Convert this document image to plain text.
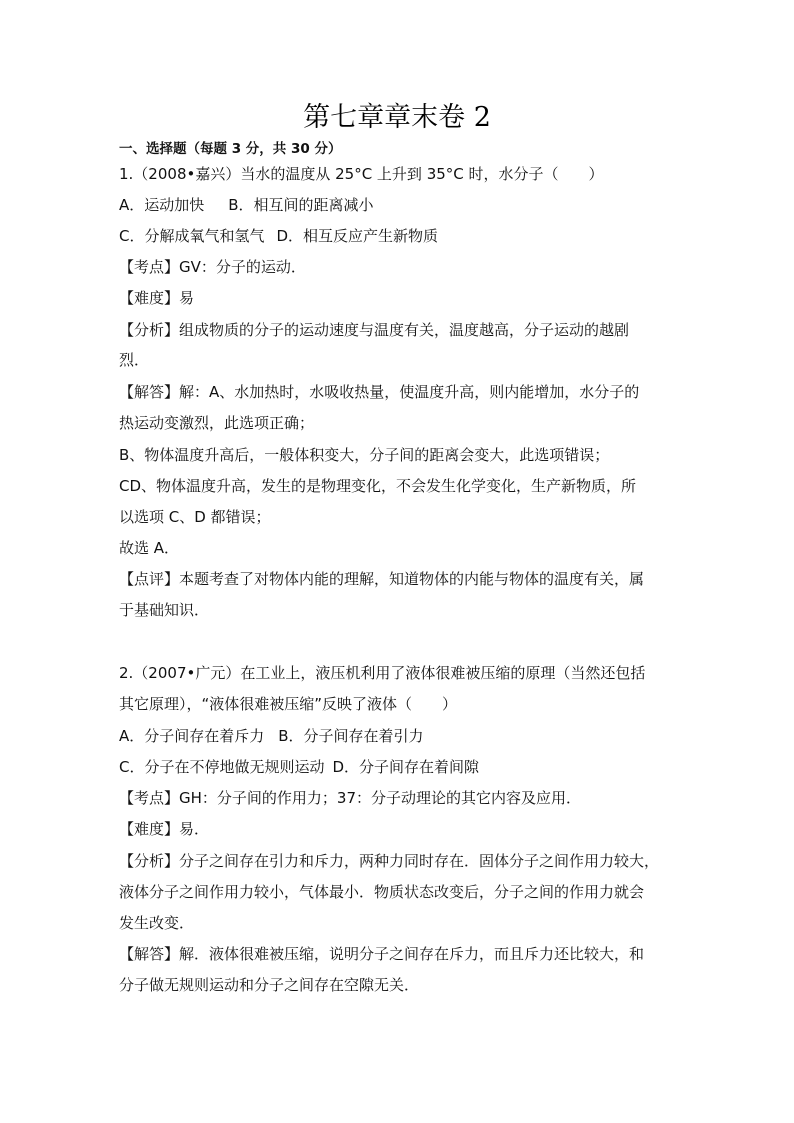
第七章章末卷 2
一、选择题（每题 3 分，共 30 分）
1.（2008•嘉兴）当水的温度从 25°C 上升到 35°C 时，水分子（　　）
A．运动加快 B．相互间的距离减小
C．分解成氧气和氢气 D．相互反应产生新物质
【考点】GV：分子的运动．
【难度】易
【分析】组成物质的分子的运动速度与温度有关，温度越高，分子运动的越剧
烈．
【解答】解：A、水加热时，水吸收热量，使温度升高，则内能增加，水分子的
热运动变激烈，此选项正确；
B、物体温度升高后，一般体积变大，分子间的距离会变大，此选项错误；
CD、物体温度升高，发生的是物理变化，不会发生化学变化，生产新物质，所
以选项 C、D 都错误；
故选 A．
【点评】本题考查了对物体内能的理解，知道物体的内能与物体的温度有关，属
于基础知识．
2.（2007•广元）在工业上，液压机利用了液体很难被压缩的原理（当然还包括
其它原理），“液体很难被压缩”反映了液体（　　）
A．分子间存在着斥力 B．分子间存在着引力
C．分子在不停地做无规则运动 D．分子间存在着间隙
【考点】GH：分子间的作用力；37：分子动理论的其它内容及应用．
【难度】易．
【分析】分子之间存在引力和斥力，两种力同时存在．固体分子之间作用力较大，
液体分子之间作用力较小，气体最小．物质状态改变后，分子之间的作用力就会
发生改变．
【解答】解．液体很难被压缩，说明分子之间存在斥力，而且斥力还比较大，和
分子做无规则运动和分子之间存在空隙无关．
